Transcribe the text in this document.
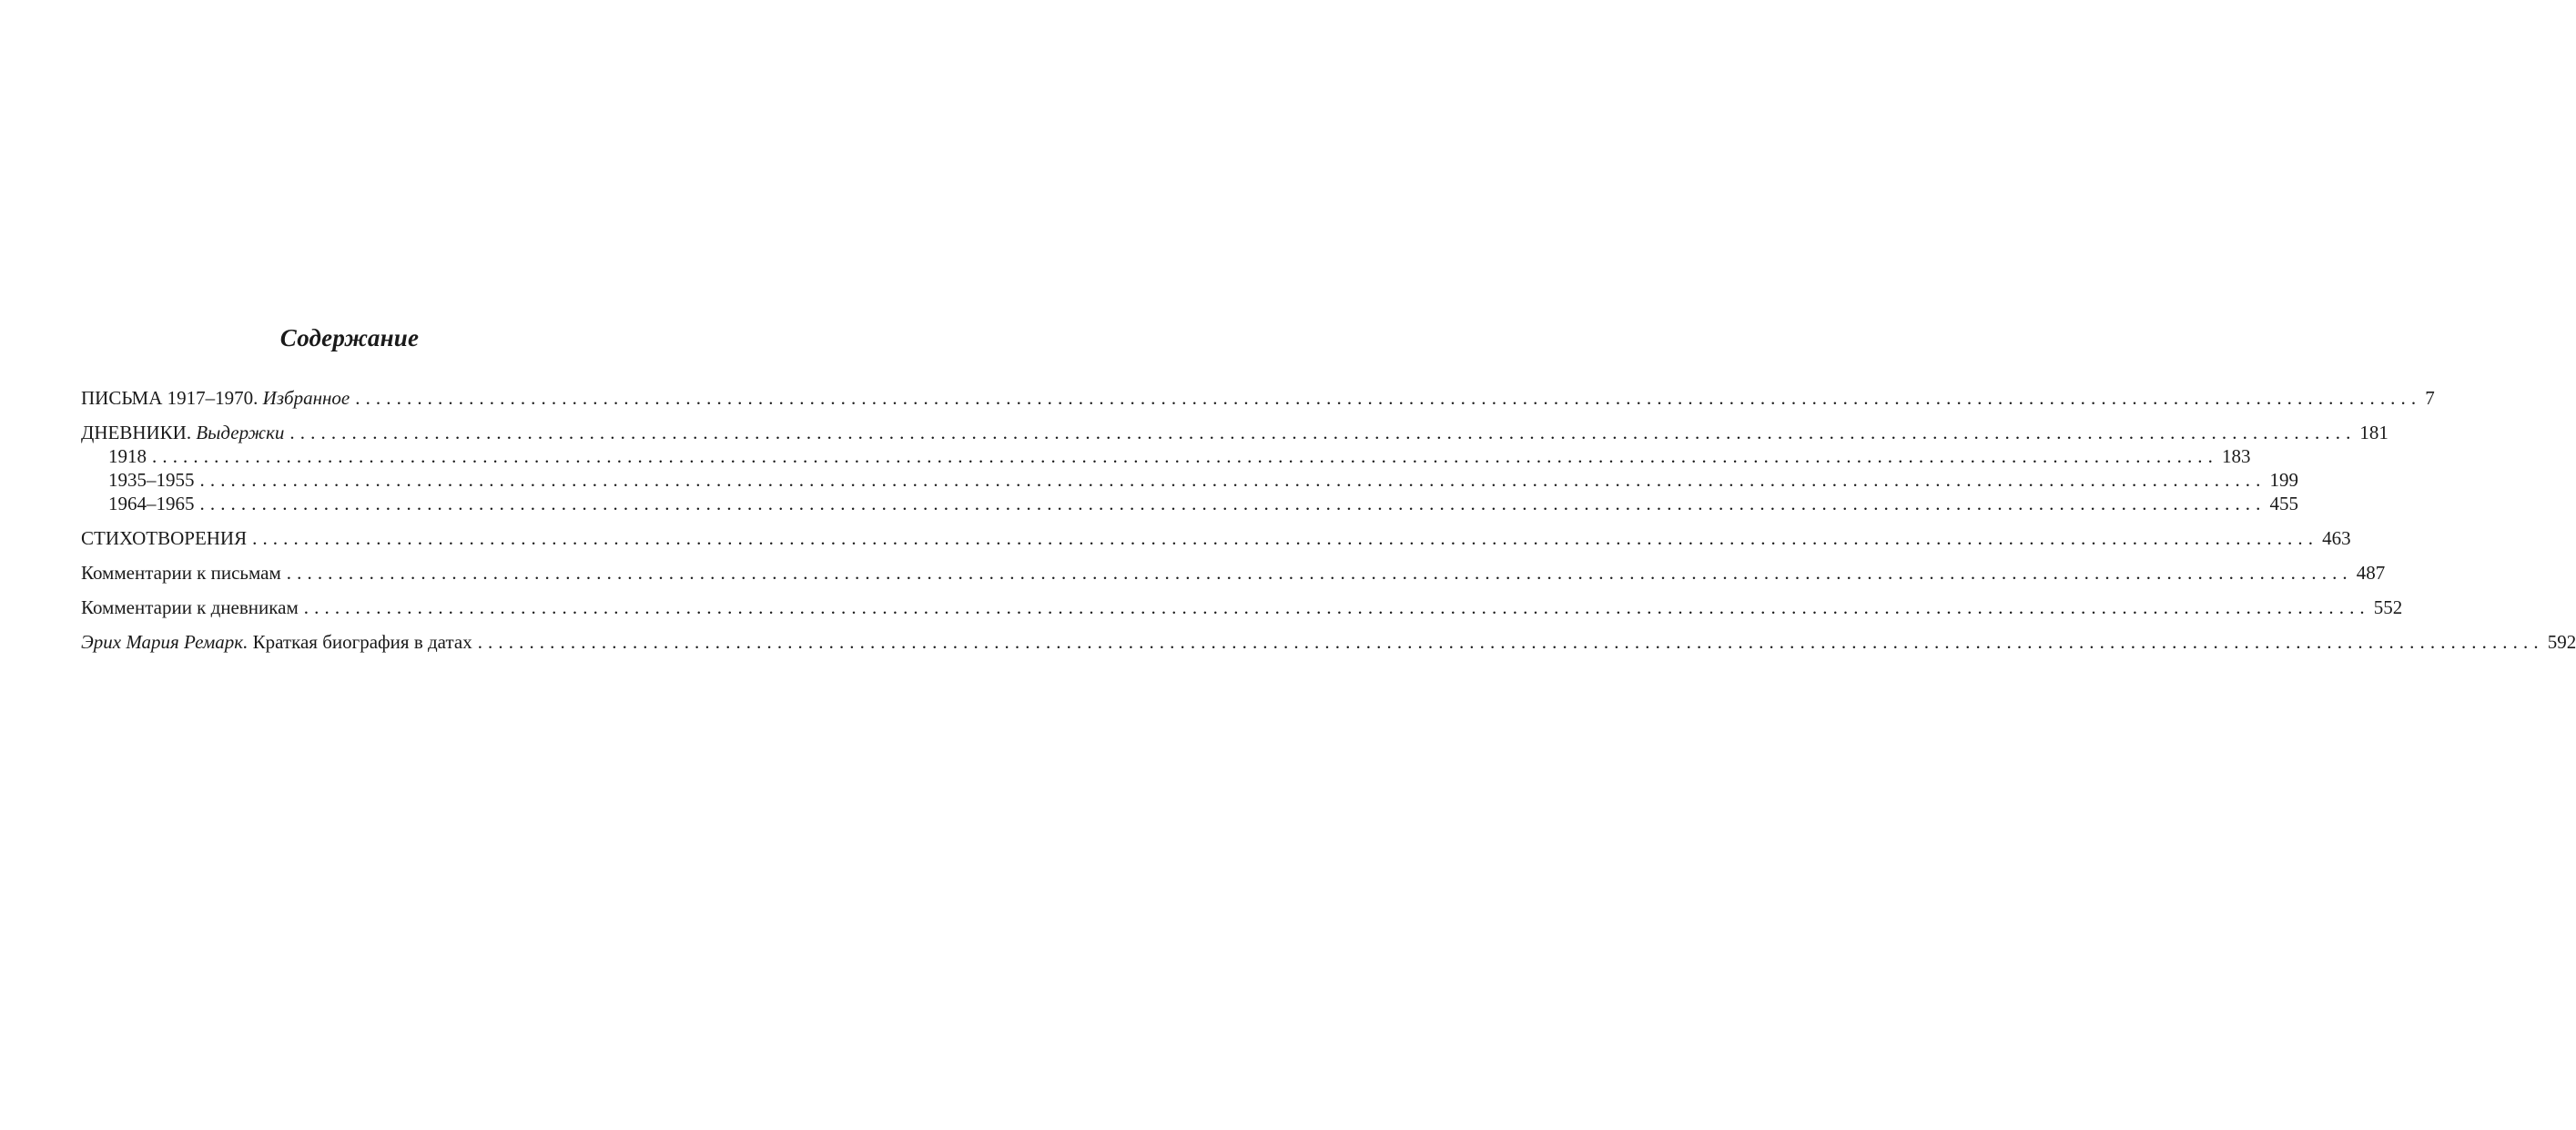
Содержание
ПИСЬМА 1917–1970. Избранное ........................................................................................................................................................................................................ 7
ДНЕВНИКИ. Выдержки ........................................................................................................................................................................................................ 181
1918 ........................................................................................................................................................................................................ 183
1935–1955 ........................................................................................................................................................................................................ 199
1964–1965 ........................................................................................................................................................................................................ 455
СТИХОТВОРЕНИЯ ........................................................................................................................................................................................................ 463
Комментарии к письмам ........................................................................................................................................................................................................ 487
Комментарии к дневникам ........................................................................................................................................................................................................ 552
Эрих Мария Ремарк. Краткая биография в датах ........................................................................................................................................................................................................ 592
